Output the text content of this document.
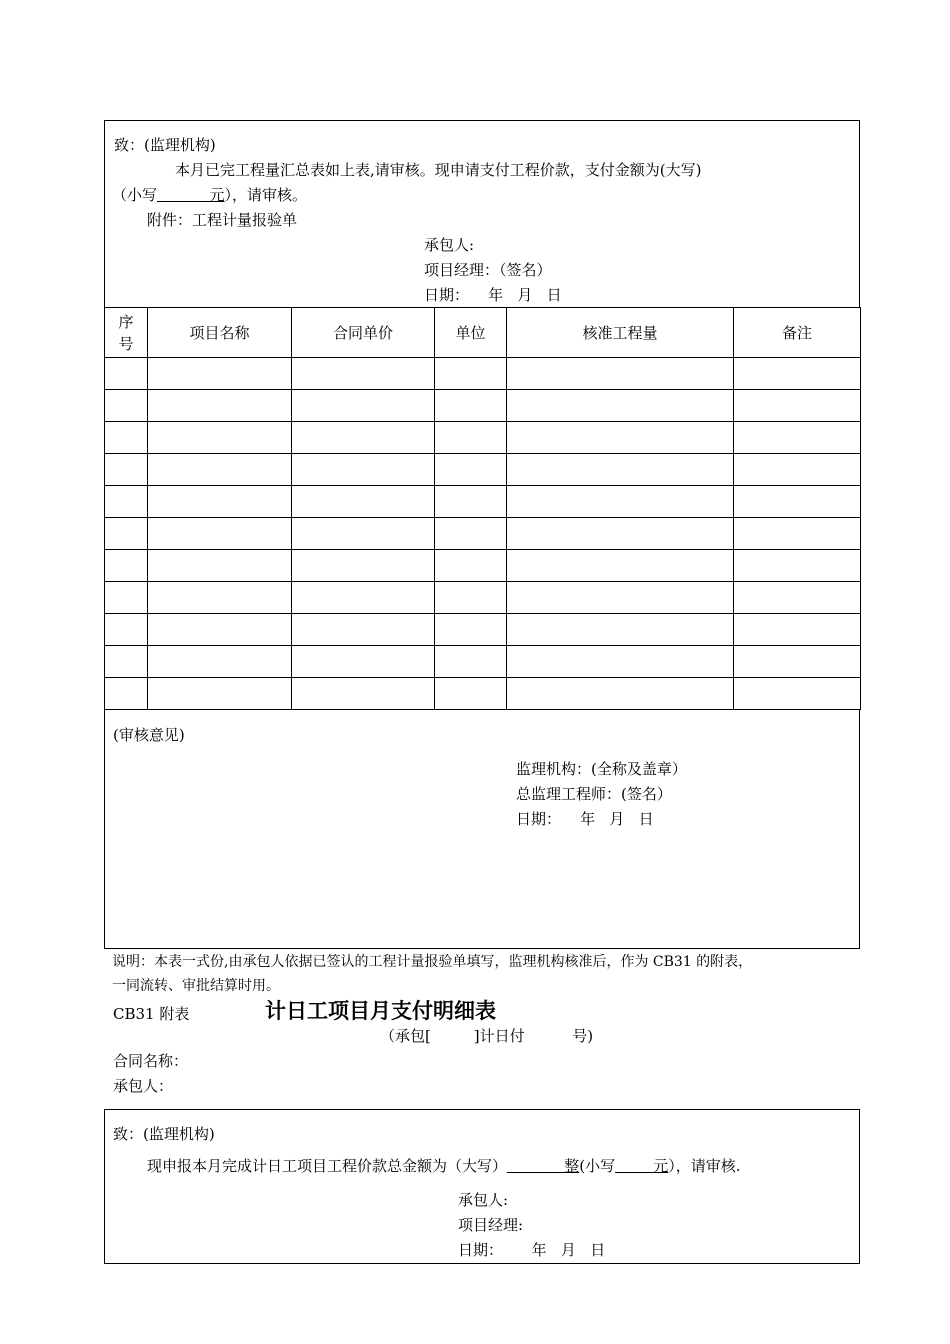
致：(监理机构)
本月已完工程量汇总表如上表,请审核。现申请支付工程价款，支付金额为(大写)
（小写	元），请审核。
附件：工程计量报验单
承包人:
项目经理：（签名）
日期：    年   月   日
序号	项目名称	合同单价	单位	核准工程量	备注

(审核意见)
监理机构：(全称及盖章）
总监理工程师：(签名）
日期：    年   月   日
说明：本表一式份,由承包人依据已签认的工程计量报验单填写，监理机构核准后，作为 CB31 的附表，
一同流转、审批结算时用。
CB31 附表	计日工项目月支付明细表
（承包[         ]计日付          号)
合同名称：
承包人：
致：(监理机构)
现申报本月完成计日工项目工程价款总金额为（大写）	整(小写	元），请审核.
承包人:
项目经理:
日期：      年   月   日
